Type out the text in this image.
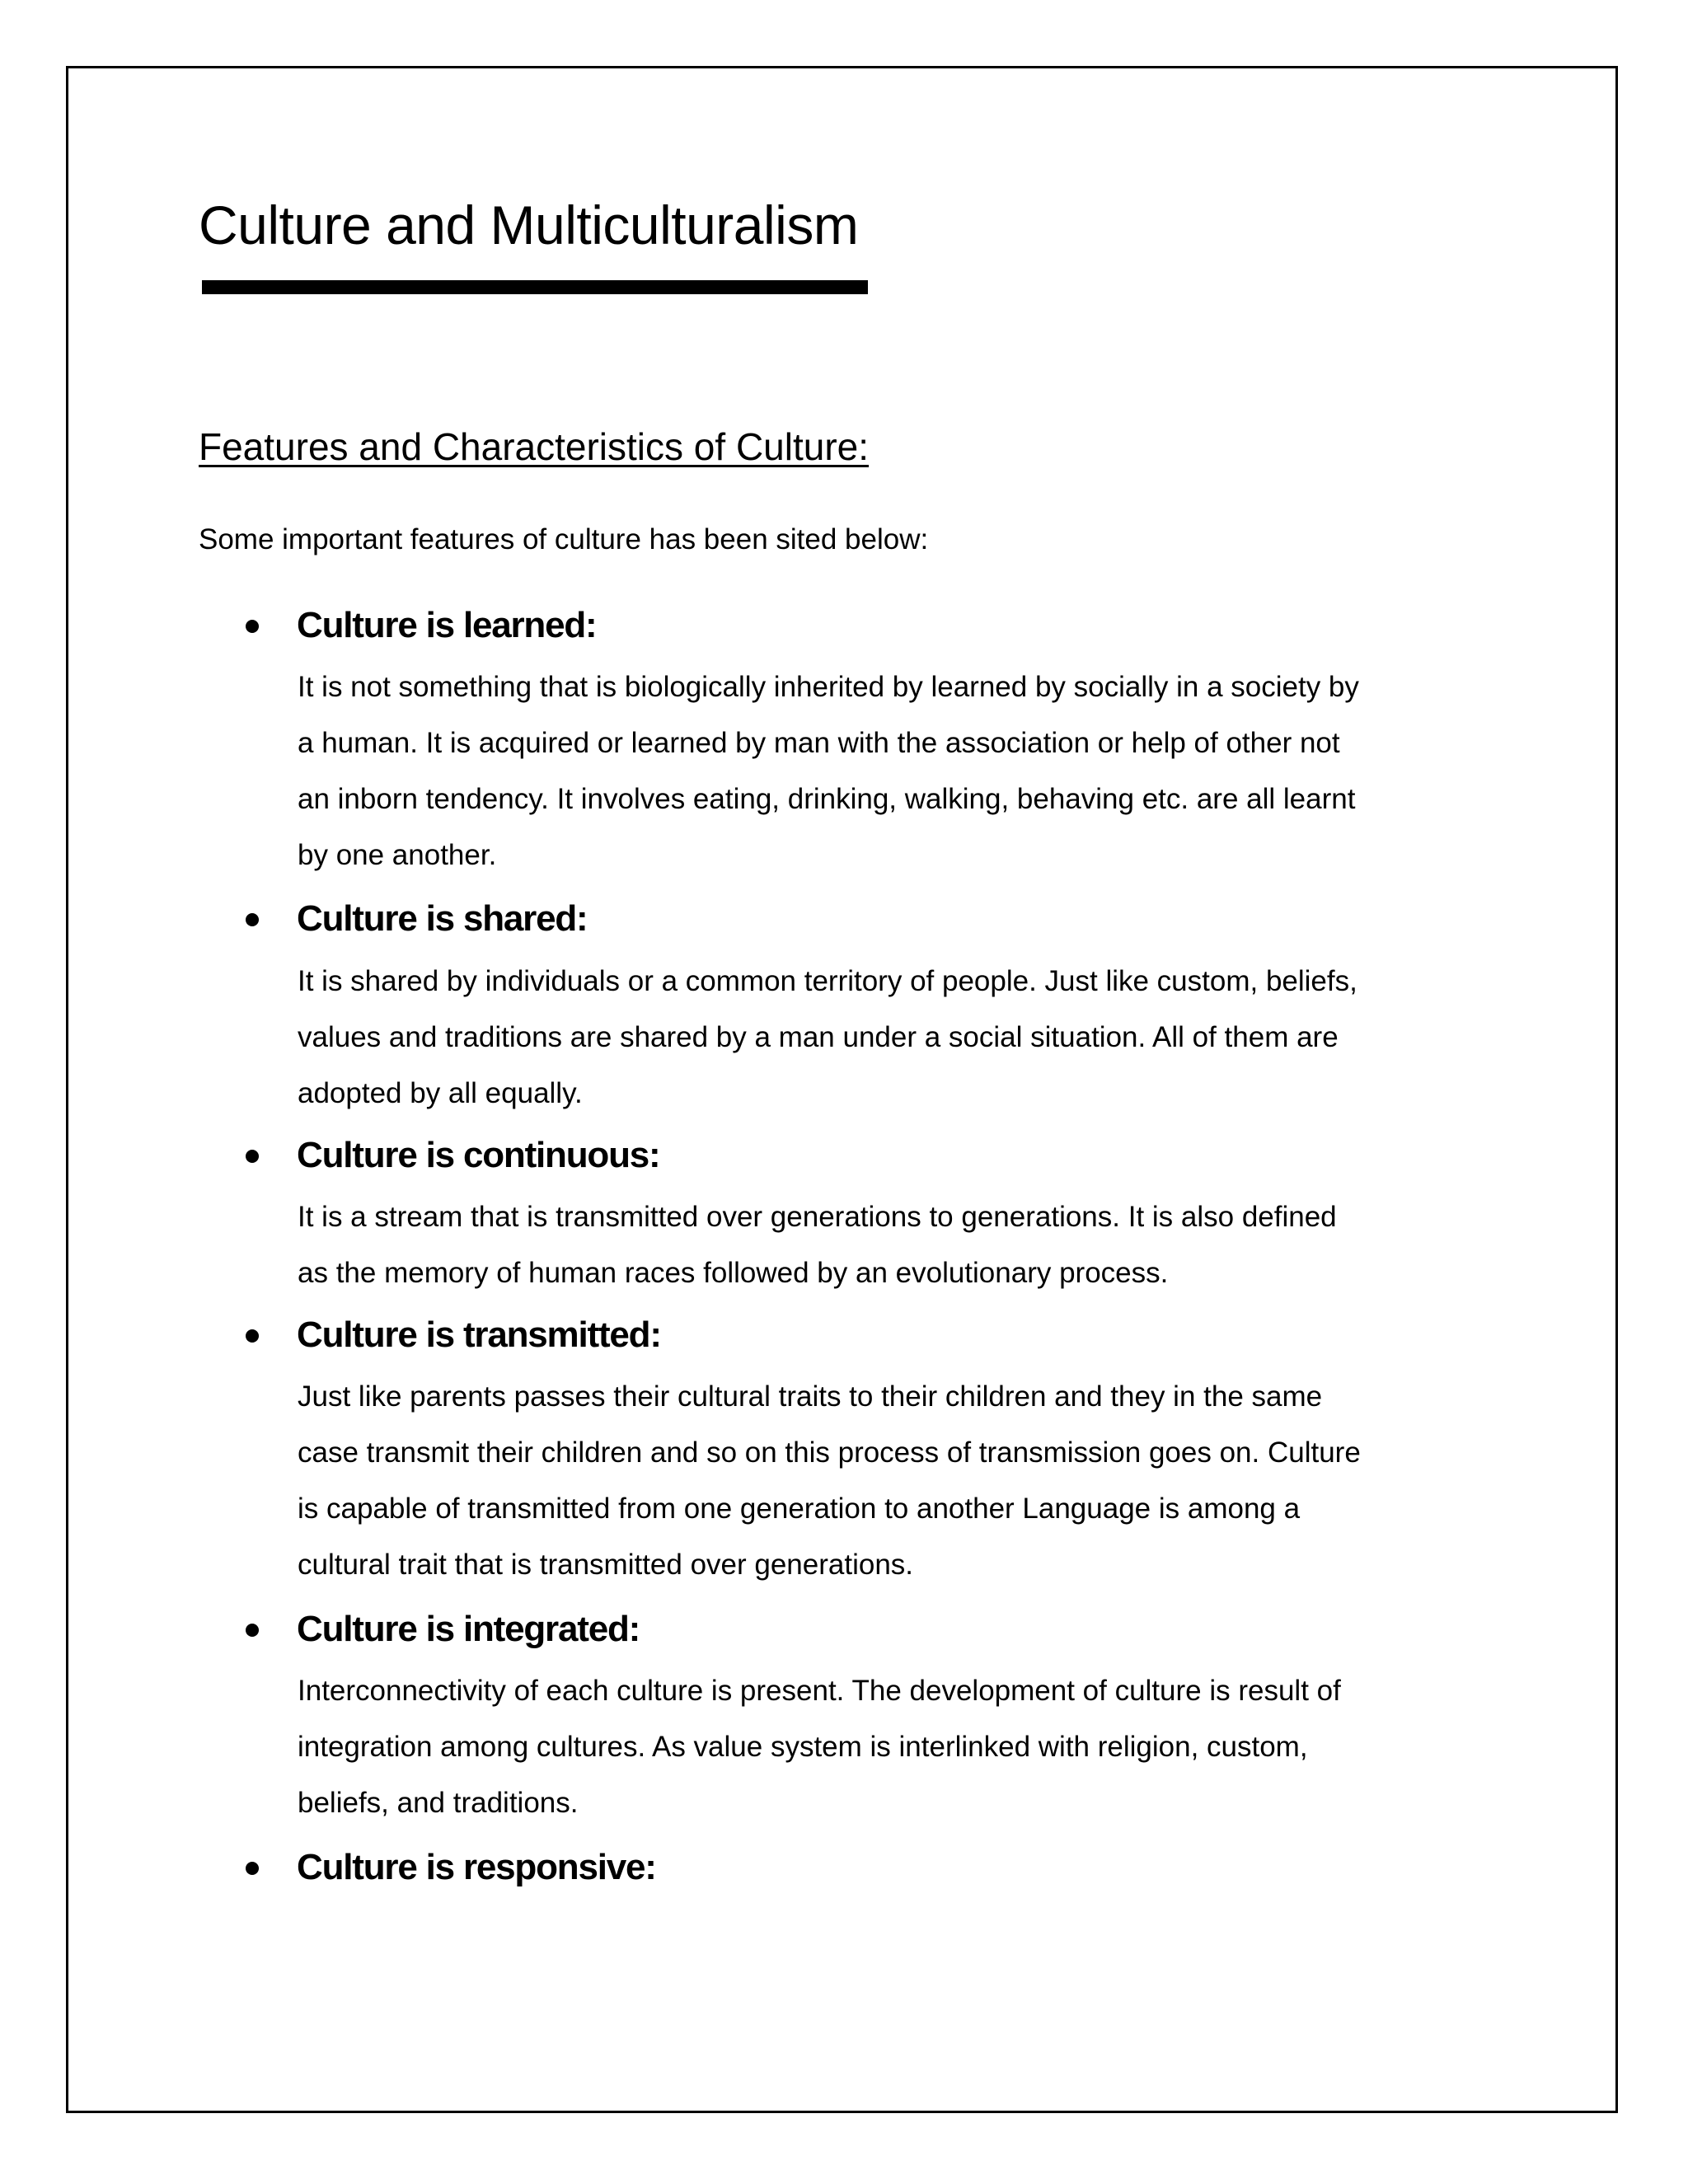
Culture and Multiculturalism
Features and Characteristics of Culture:
Some important features of culture has been sited below:
Culture is learned:
It is not something that is biologically inherited by learned by socially in a society by
a human. It is acquired or learned by man with the association or help of other not
an inborn tendency. It involves eating, drinking, walking, behaving etc. are all learnt
by one another.
Culture is shared:
It is shared by individuals or a common territory of people. Just like custom, beliefs,
values and traditions are shared by a man under a social situation. All of them are
adopted by all equally.
Culture is continuous:
It is a stream that is transmitted over generations to generations. It is also defined
as the memory of human races followed by an evolutionary process.
Culture is transmitted:
Just like parents passes their cultural traits to their children and they in the same
case transmit their children and so on this process of transmission goes on. Culture
is capable of transmitted from one generation to another Language is among a
cultural trait that is transmitted over generations.
Culture is integrated:
Interconnectivity of each culture is present. The development of culture is result of
integration among cultures. As value system is interlinked with religion, custom,
beliefs, and traditions.
Culture is responsive:
